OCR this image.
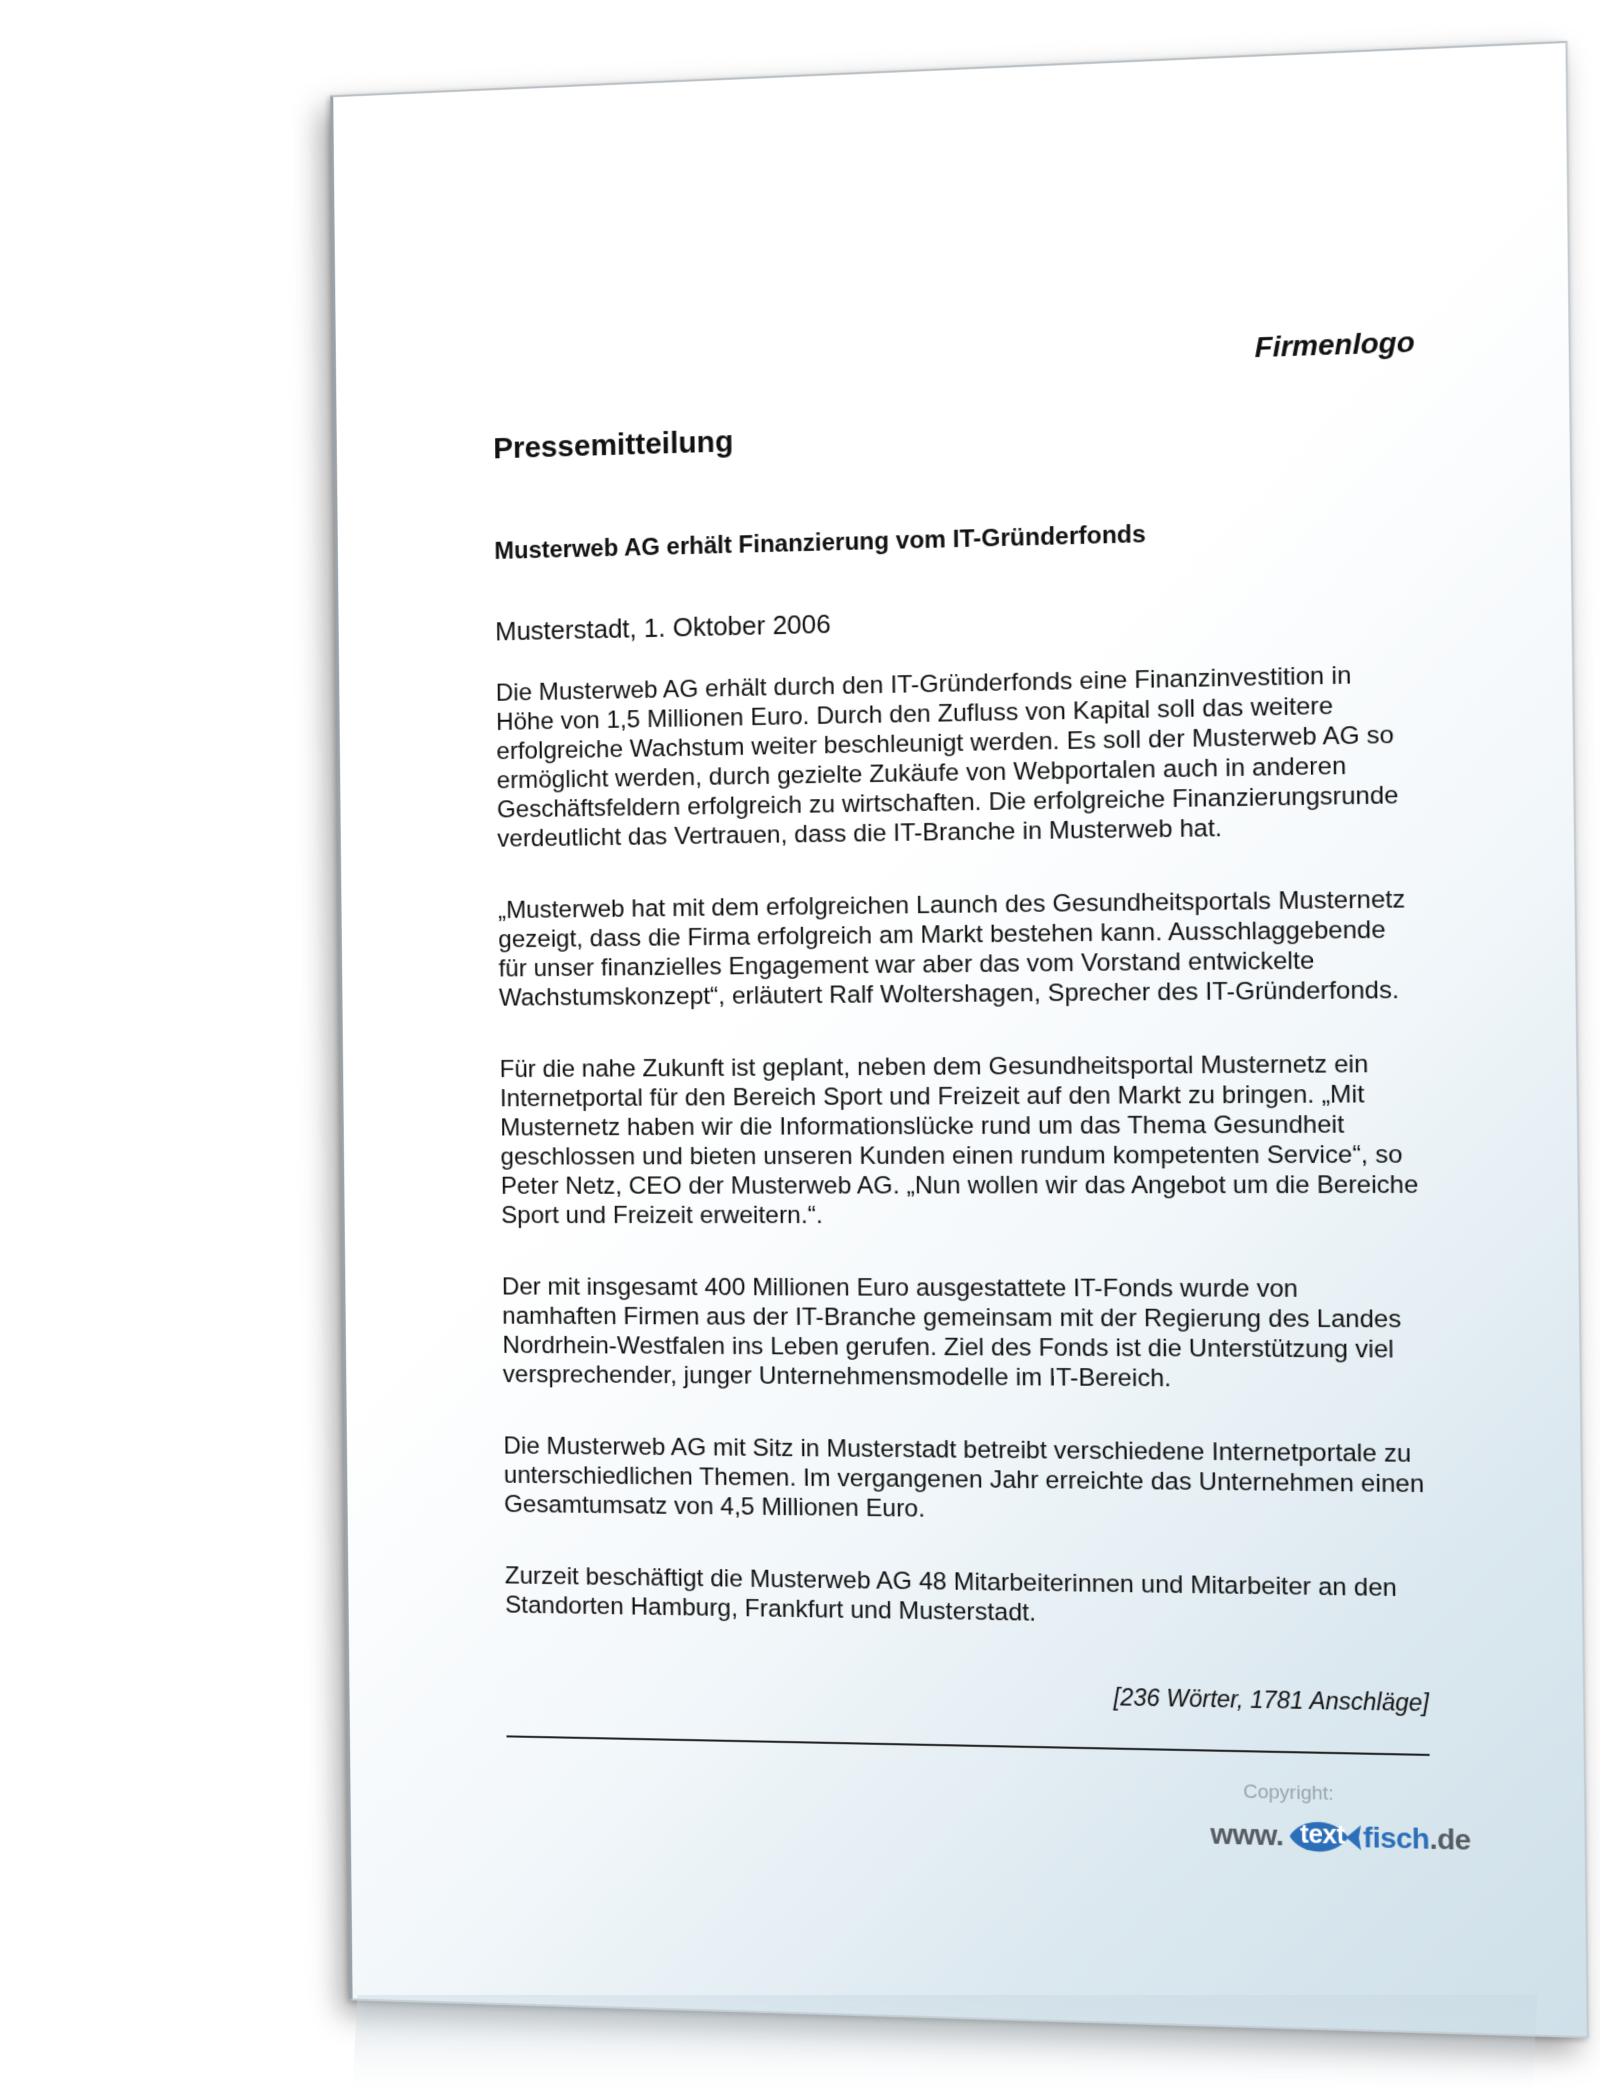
Firmenlogo
Pressemitteilung
Musterweb AG erhält Finanzierung vom IT-Gründerfonds

Musterstadt, 1. Oktober 2006

Die Musterweb AG erhält durch den IT-Gründerfonds eine Finanzinvestition in Höhe von 1,5 Millionen Euro. Durch den Zufluss von Kapital soll das weitere erfolgreiche Wachstum weiter beschleunigt werden. Es soll der Musterweb AG so ermöglicht werden, durch gezielte Zukäufe von Webportalen auch in anderen Geschäftsfeldern erfolgreich zu wirtschaften. Die erfolgreiche Finanzierungsrunde verdeutlicht das Vertrauen, dass die IT-Branche in Musterweb hat.

„Musterweb hat mit dem erfolgreichen Launch des Gesundheitsportals Musternetz gezeigt, dass die Firma erfolgreich am Markt bestehen kann. Ausschlaggebende für unser finanzielles Engagement war aber das vom Vorstand entwickelte Wachstumskonzept“, erläutert Ralf Woltershagen, Sprecher des IT-Gründerfonds.

Für die nahe Zukunft ist geplant, neben dem Gesundheitsportal Musternetz ein Internetportal für den Bereich Sport und Freizeit auf den Markt zu bringen. „Mit Musternetz haben wir die Informationslücke rund um das Thema Gesundheit geschlossen und bieten unseren Kunden einen rundum kompetenten Service“, so Peter Netz, CEO der Musterweb AG. „Nun wollen wir das Angebot um die Bereiche Sport und Freizeit erweitern.“.

Der mit insgesamt 400 Millionen Euro ausgestattete IT-Fonds wurde von namhaften Firmen aus der IT-Branche gemeinsam mit der Regierung des Landes Nordrhein-Westfalen ins Leben gerufen. Ziel des Fonds ist die Unterstützung viel versprechender, junger Unternehmensmodelle im IT-Bereich.

Die Musterweb AG mit Sitz in Musterstadt betreibt verschiedene Internetportale zu unterschiedlichen Themen. Im vergangenen Jahr erreichte das Unternehmen einen Gesamtumsatz von 4,5 Millionen Euro.

Zurzeit beschäftigt die Musterweb AG 48 Mitarbeiterinnen und Mitarbeiter an den Standorten Hamburg, Frankfurt und Musterstadt.

[236 Wörter, 1781 Anschläge]
Copyright:
www. text fisch .de
